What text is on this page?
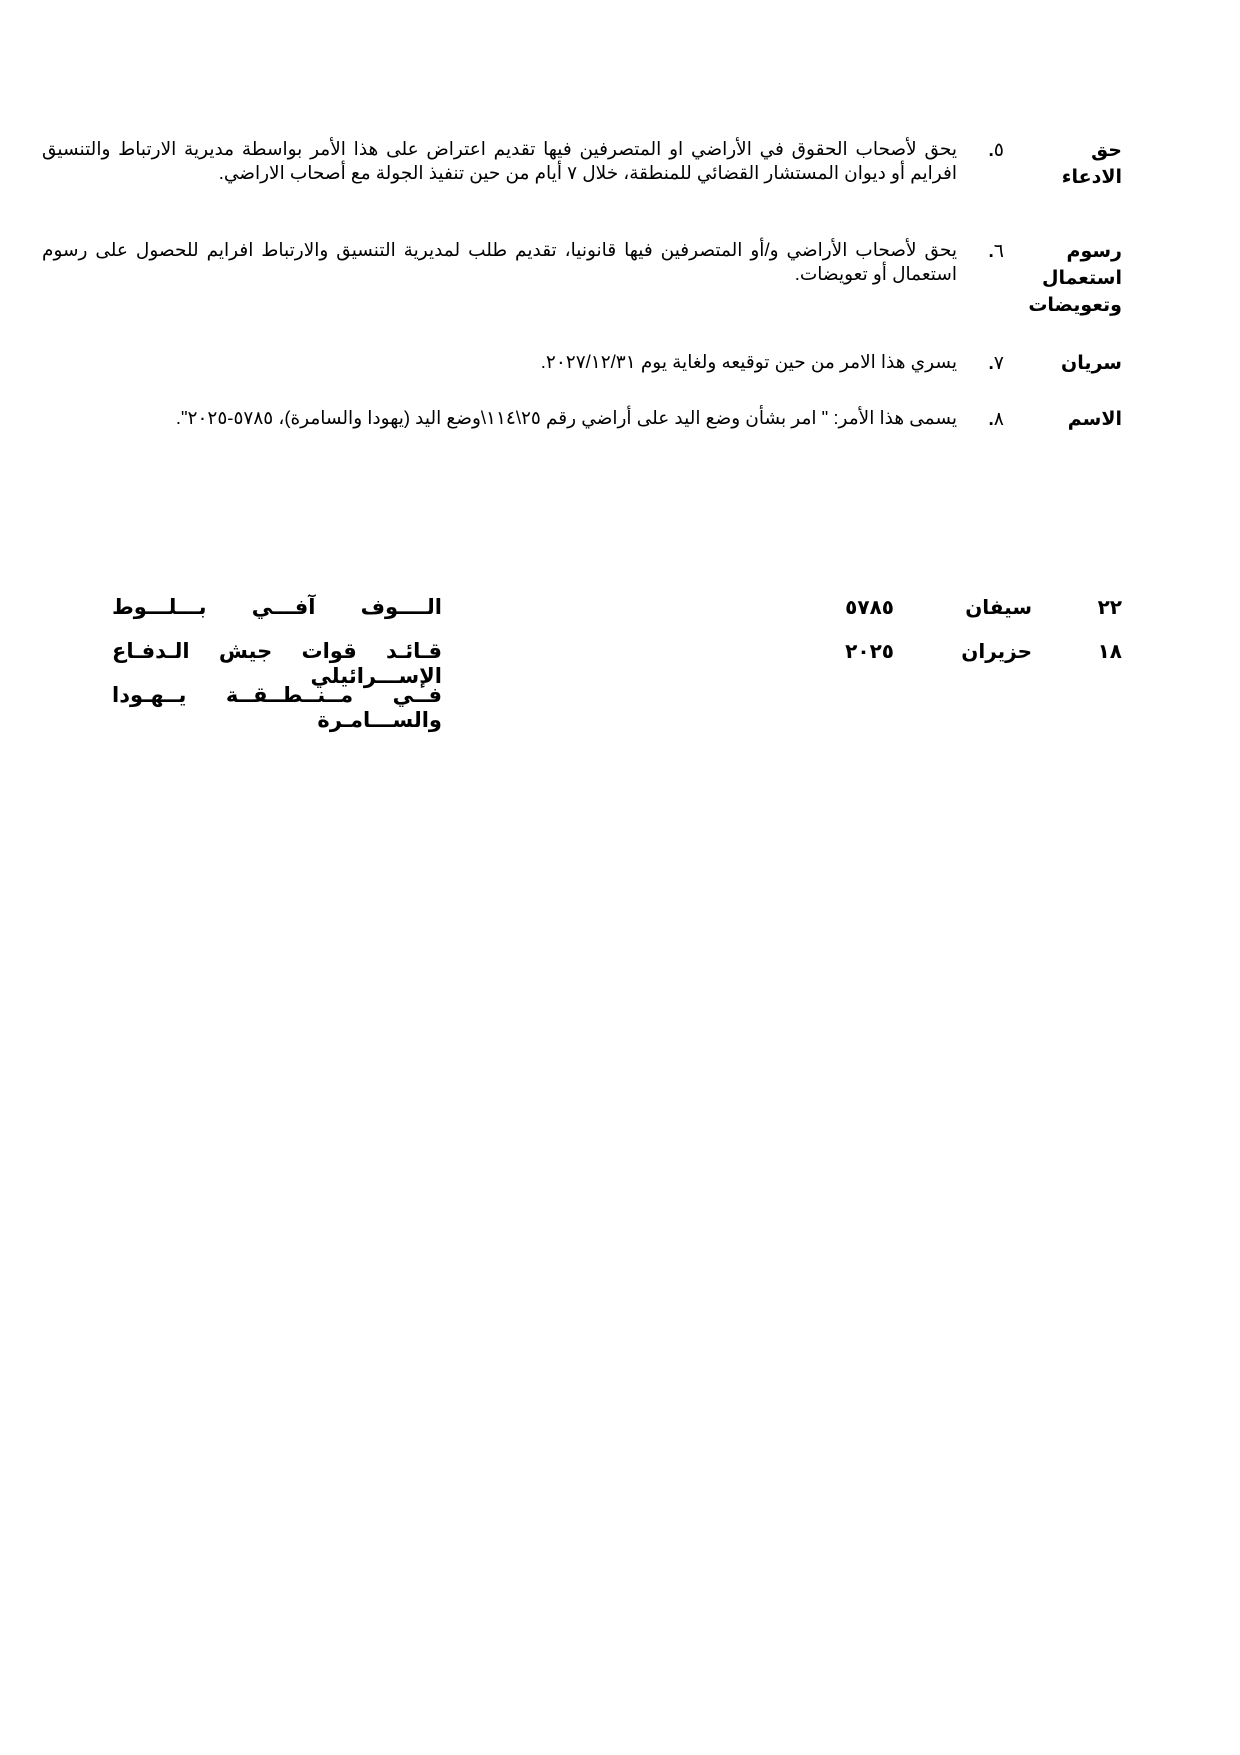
حق
الادعاء
٥.
يحق لأصحاب الحقوق في الأراضي او المتصرفين فيها تقديم اعتراض على هذا الأمر بواسطة مديرية الارتباط والتنسيق افرايم أو ديوان المستشار القضائي للمنطقة، خلال ٧ أيام من حين تنفيذ الجولة مع أصحاب الاراضي.
رسوم
استعمال
وتعويضات
٦.
يحق لأصحاب الأراضي و/أو المتصرفين فيها قانونيا، تقديم طلب لمديرية التنسيق والارتباط افرايم للحصول على رسوم استعمال أو تعويضات.
سريان
٧.
يسري هذا الامر من حين توقيعه ولغاية يوم ٢٠٢٧/١٢/٣١.
الاسم
٨.
يسمى هذا الأمر: " امر بشأن وضع اليد على أراضي رقم ٢٥\١١٤\وضع اليد (يهودا والسامرة)، ٥٧٨٥-٢٠٢٥".
٢٢
سيفان
٥٧٨٥
الــــوف آفـــي بـــلـــوط
١٨
حزيران
٢٠٢٥
قـائـد قوات جيش الـدفـاع الإســـرائيلي
فــي مــنــطــقــة يــهـودا والســـامـرة
